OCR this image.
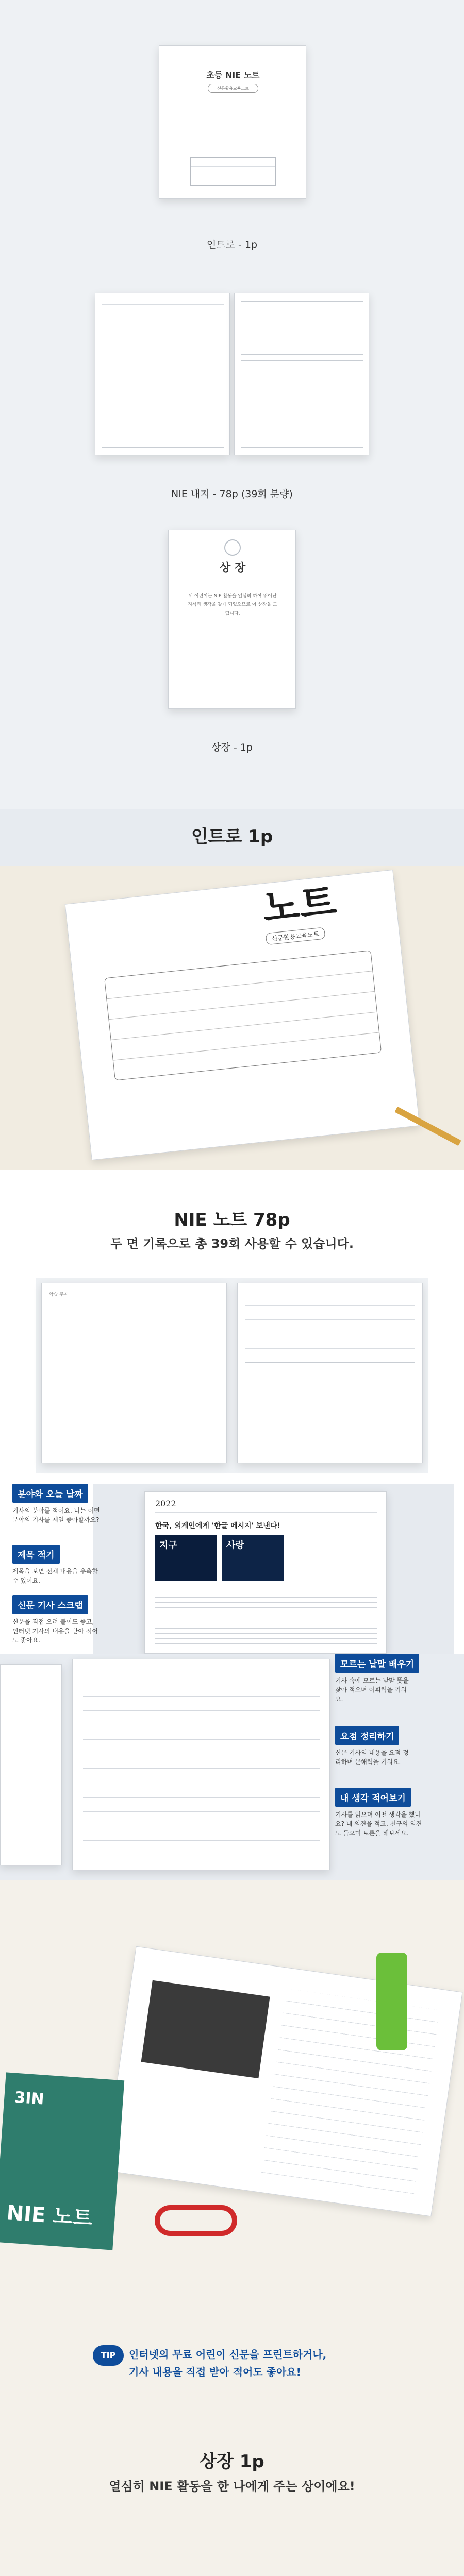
초등 NIE 노트
신문활용교육노트
인트로 - 1p
NIE 내지 - 78p (39회 분량)
상 장
위 어린이는 NIE 활동을 열심히 하여 뛰어난 지식과 생각을 갖게 되었으므로 이 상장을 드립니다.
상장 - 1p
인트로 1p
노트
신문활용교육노트
NIE 노트 78p
두 면 기록으로 총 39회 사용할 수 있습니다.
학습 주제
2022
한국, 외계인에게 '한글 메시지' 보낸다!
지구	사랑
분야와 오늘 날짜
기사의 분야를 적어요. 나는 어떤 분야의 기사를 제일 좋아할까요?
제목 적기
제목을 보면 전체 내용을 추측할 수 있어요.
신문 기사 스크랩
신문을 직접 오려 붙이도 좋고, 인터넷 기사의 내용을 받아 적어도 좋아요.
모르는 낱말 배우기
기사 속에 모르는 낱말 뜻을 찾아 적으며 어휘력을 키워요.
요점 정리하기
신문 기사의 내용을 요점 정리하며 문해력을 키워요.
내 생각 적어보기
기사를 읽으며 어떤 생각을 했나요? 내 의견을 적고, 친구의 의견도 들으며 토론을 해보세요.
3IN
NIE 노트
TIP	인터넷의 무료 어린이 신문을 프린트하거나,
기사 내용을 직접 받아 적어도 좋아요!
상장 1p
열심히 NIE 활동을 한 나에게 주는 상이에요!
